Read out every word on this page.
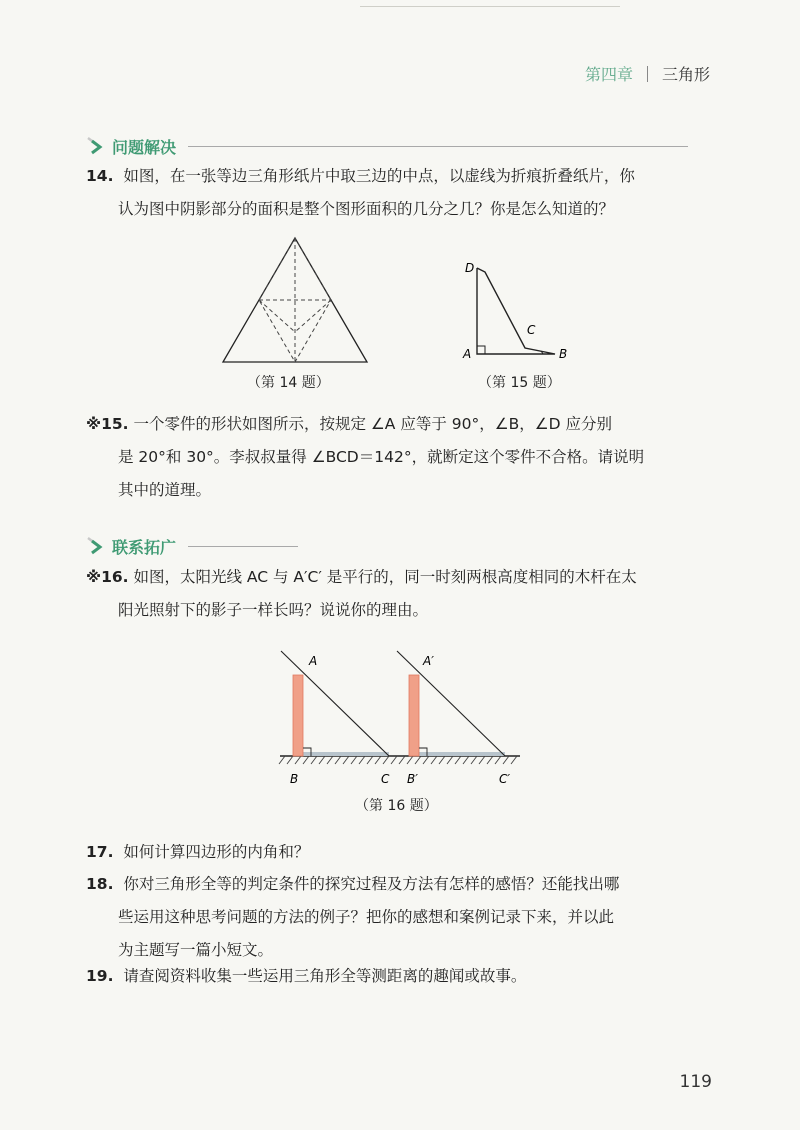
第四章 三角形
问题解决
14. 如图，在一张等边三角形纸片中取三边的中点，以虚线为折痕折叠纸片，你
认为图中阴影部分的面积是整个图形面积的几分之几？你是怎么知道的？
（第 14 题）
D
C
A	B
（第 15 题）
※15. 一个零件的形状如图所示，按规定 ∠A 应等于 90°，∠B，∠D 应分别
是 20°和 30°。李叔叔量得 ∠BCD＝142°，就断定这个零件不合格。请说明
其中的道理。
联系拓广
※16. 如图，太阳光线 AC 与 A′C′ 是平行的，同一时刻两根高度相同的木杆在太
阳光照射下的影子一样长吗？说说你的理由。
A	A′
B	C B′	C′
（第 16 题）
17. 如何计算四边形的内角和？
18. 你对三角形全等的判定条件的探究过程及方法有怎样的感悟？还能找出哪
些运用这种思考问题的方法的例子？把你的感想和案例记录下来，并以此
为主题写一篇小短文。
19. 请查阅资料收集一些运用三角形全等测距离的趣闻或故事。
119
